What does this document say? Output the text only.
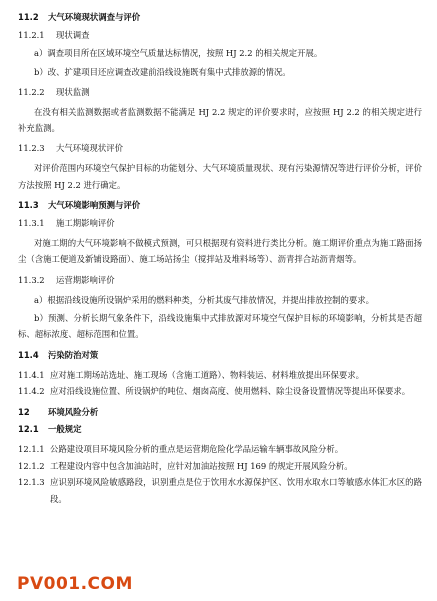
11.2	大气环境现状调查与评价
11.2.1	现状调查
a）调查项目所在区域环境空气质量达标情况，按照 HJ 2.2 的相关规定开展。
b）改、扩建项目还应调查改建前沿线设施既有集中式排放源的情况。
11.2.2	现状监测
在没有相关监测数据或者监测数据不能满足 HJ 2.2 规定的评价要求时，应按照 HJ 2.2 的相关规定进行补充监测。
11.2.3	大气环境现状评价
对评价范围内环境空气保护目标的功能划分、大气环境质量现状、现有污染源情况等进行评价分析，评价方法按照 HJ 2.2 进行确定。
11.3	大气环境影响预测与评价
11.3.1	施工期影响评价
对施工期的大气环境影响不做模式预测，可只根据现有资料进行类比分析。施工期评价重点为施工路面扬尘（含施工便道及新铺设路面）、施工场站扬尘（搅拌站及堆料场等）、沥青拌合站沥青烟等。
11.3.2	运营期影响评价
a）根据沿线设施所设锅炉采用的燃料种类，分析其废气排放情况，并提出排放控制的要求。
b）预测、分析长期气象条件下，沿线设施集中式排放源对环境空气保护目标的环境影响，分析其是否超标、超标浓度、超标范围和位置。
11.4	污染防治对策
11.4.1 应对施工期场站选址、施工现场（含施工道路）、物料装运、材料堆放提出环保要求。
11.4.2 应对沿线设施位置、所设锅炉的吨位、烟囱高度、使用燃料、除尘设备设置情况等提出环保要求。
12	环境风险分析
12.1	一般规定
12.1.1 公路建设项目环境风险分析的重点是运营期危险化学品运输车辆事故风险分析。
12.1.2 工程建设内容中包含加油站时，应针对加油站按照 HJ 169 的规定开展风险分析。
12.1.3 应识别环境风险敏感路段，识别重点是位于饮用水水源保护区、饮用水取水口等敏感水体汇水区的路段。
PV001.COM
